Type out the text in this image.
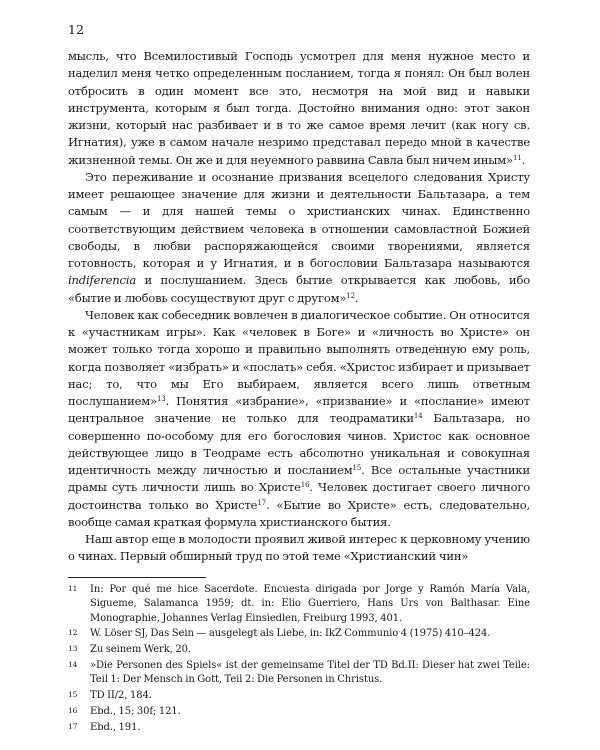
12

мысль, что Всемилостивый Господь усмотрел для меня нужное место и наделил меня четко определенным посланием, тогда я понял: Он был волен отбросить в один момент все это, несмотря на мой вид и навыки инструмента, которым я был тогда. Достойно внимания одно: этот закон жизни, который нас разбивает и в то же самое время лечит (как ногу св. Игнатия), уже в самом начале незримо представал передо мной в качестве жизненной темы. Он же и для неуемного раввина Савла был ничем иным»$^{11}$.

Это переживание и осознание призвания всецелого следования Христу имеет решающее значение для жизни и деятельности Бальтазара, а тем самым — и для нашей темы о христианских чинах. Единственно соответствующим действием человека в отношении самовластной Божией свободы, в любви распоряжающейся своими творениями, является готовность, которая и у Игнатия, и в богословии Бальтазара называются indiferencia и послушанием. Здесь бытие открывается как любовь, ибо «бытие и любовь сосуществуют друг с другом»$^{12}$.

Человек как собеседник вовлечен в диалогическое событие. Он относится к «участникам игры». Как «человек в Боге» и «личность во Христе» он может только тогда хорошо и правильно выполнять отведенную ему роль, когда позволяет «избрать» и «послать» себя. «Христос избирает и призывает нас; то, что мы Его выбираем, является всего лишь ответным послушанием»$^{13}$. Понятия «избрание», «призвание» и «послание» имеют центральное значение не только для теодраматики$^{14}$ Бальтазара, но совершенно по-особому для его богословия чинов. Христос как основное действующее лицо в Теодраме есть абсолютно уникальная и совокупная идентичность между личностью и посланием$^{15}$. Все остальные участники драмы суть личности лишь во Христе$^{16}$. Человек достигает своего личного достоинства только во Христе$^{17}$. «Бытие во Христе» есть, следовательно, вообще самая краткая формула христианского бытия.

Наш автор еще в молодости проявил живой интерес к церковному учению о чинах. Первый обширный труд по этой теме «Христианский чин»

11	In: Por qué me hice Sacerdote. Encuesta dirigada por Jorge y Ramón María Vala, Sigueme, Salamanca 1959; dt. in: Elio Guerriero, Hans Urs von Balthasar. Eine Monographie, Johannes Verlag Einsiedlen, Freiburg 1993, 401.
12	W. Löser SJ, Das Sein — ausgelegt als Liebe, in: IkZ Communio 4 (1975) 410–424.
13	Zu seinem Werk, 20.
14	»Die Personen des Spiels« ist der gemeinsame Titel der TD Bd.II: Dieser hat zwei Teile: Teil 1: Der Mensch in Gott, Teil 2: Die Personen in Christus.
15	TD II/2, 184.
16	Ebd., 15; 30f; 121.
17	Ebd., 191.
